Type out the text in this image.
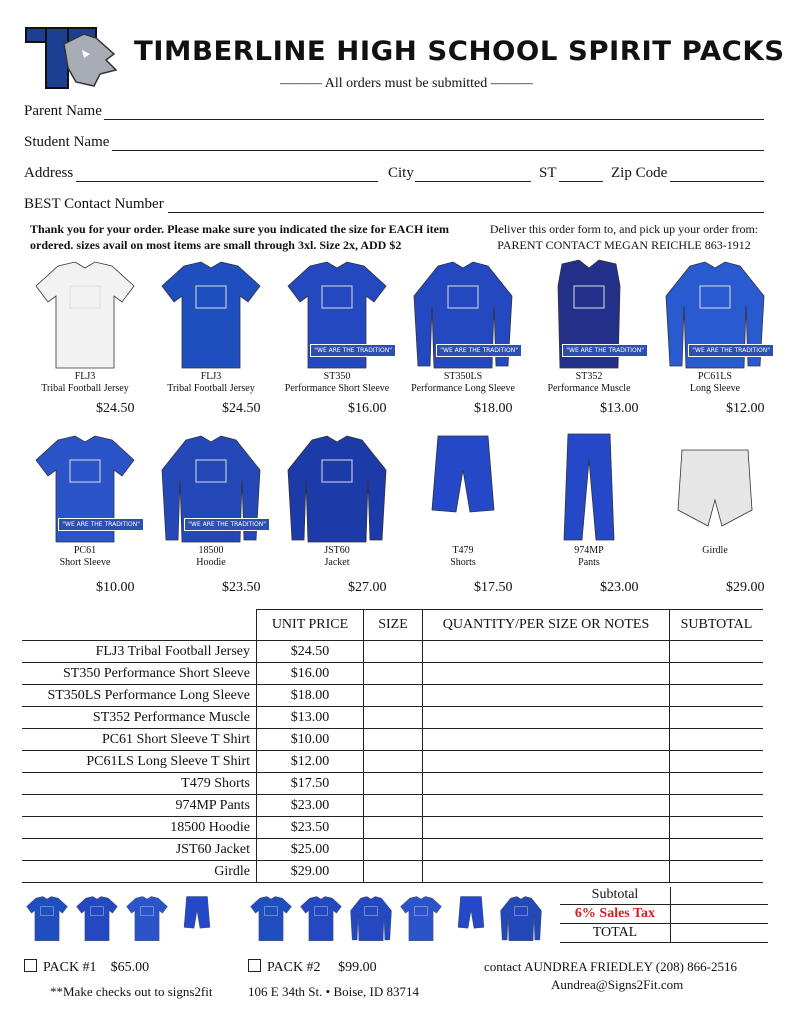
TIMBERLINE HIGH SCHOOL SPIRIT PACKS
——— All orders must be submitted ———
Parent Name
Student Name
Address	City	ST	Zip Code
BEST Contact Number
Thank you for your order. Please make sure you indicated the size for EACH item ordered. sizes avail on most items are small through 3xl. Size 2x, ADD $2
Deliver this order form to, and pick up your order from:
PARENT CONTACT MEGAN REICHLE 863-1912
FLJ3
Tribal Football Jersey
$24.50
FLJ3
Tribal Football Jersey
$24.50
"WE ARE THE TRADITION"
ST350
Performance Short Sleeve
$16.00
"WE ARE THE TRADITION"
ST350LS
Performance Long Sleeve
$18.00
"WE ARE THE TRADITION"
ST352
Performance Muscle
$13.00
"WE ARE THE TRADITION"
PC61LS
Long Sleeve
$12.00
"WE ARE THE TRADITION"
PC61
Short Sleeve
$10.00
"WE ARE THE TRADITION"
18500
Hoodie
$23.50
JST60
Jacket
$27.00
T479
Shorts
$17.50
974MP
Pants
$23.00
Girdle
$29.00
	UNIT PRICE	SIZE	QUANTITY/PER SIZE OR NOTES	SUBTOTAL
FLJ3 Tribal Football Jersey	$24.50			
ST350 Performance Short Sleeve	$16.00			
ST350LS Performance Long Sleeve	$18.00			
ST352 Performance Muscle	$13.00			
PC61 Short Sleeve T Shirt	$10.00			
PC61LS Long Sleeve T Shirt	$12.00			
T479 Shorts	$17.50			
974MP Pants	$23.00			
18500 Hoodie	$23.50			
JST60 Jacket	$25.00			
Girdle	$29.00			
Subtotal
6% Sales Tax
TOTAL
PACK #1 $65.00	PACK #2 $99.00
**Make checks out to signs2fit	106 E 34th St. • Boise, ID 83714
contact AUNDREA FRIEDLEY (208) 866-2516
Aundrea@Signs2Fit.com
